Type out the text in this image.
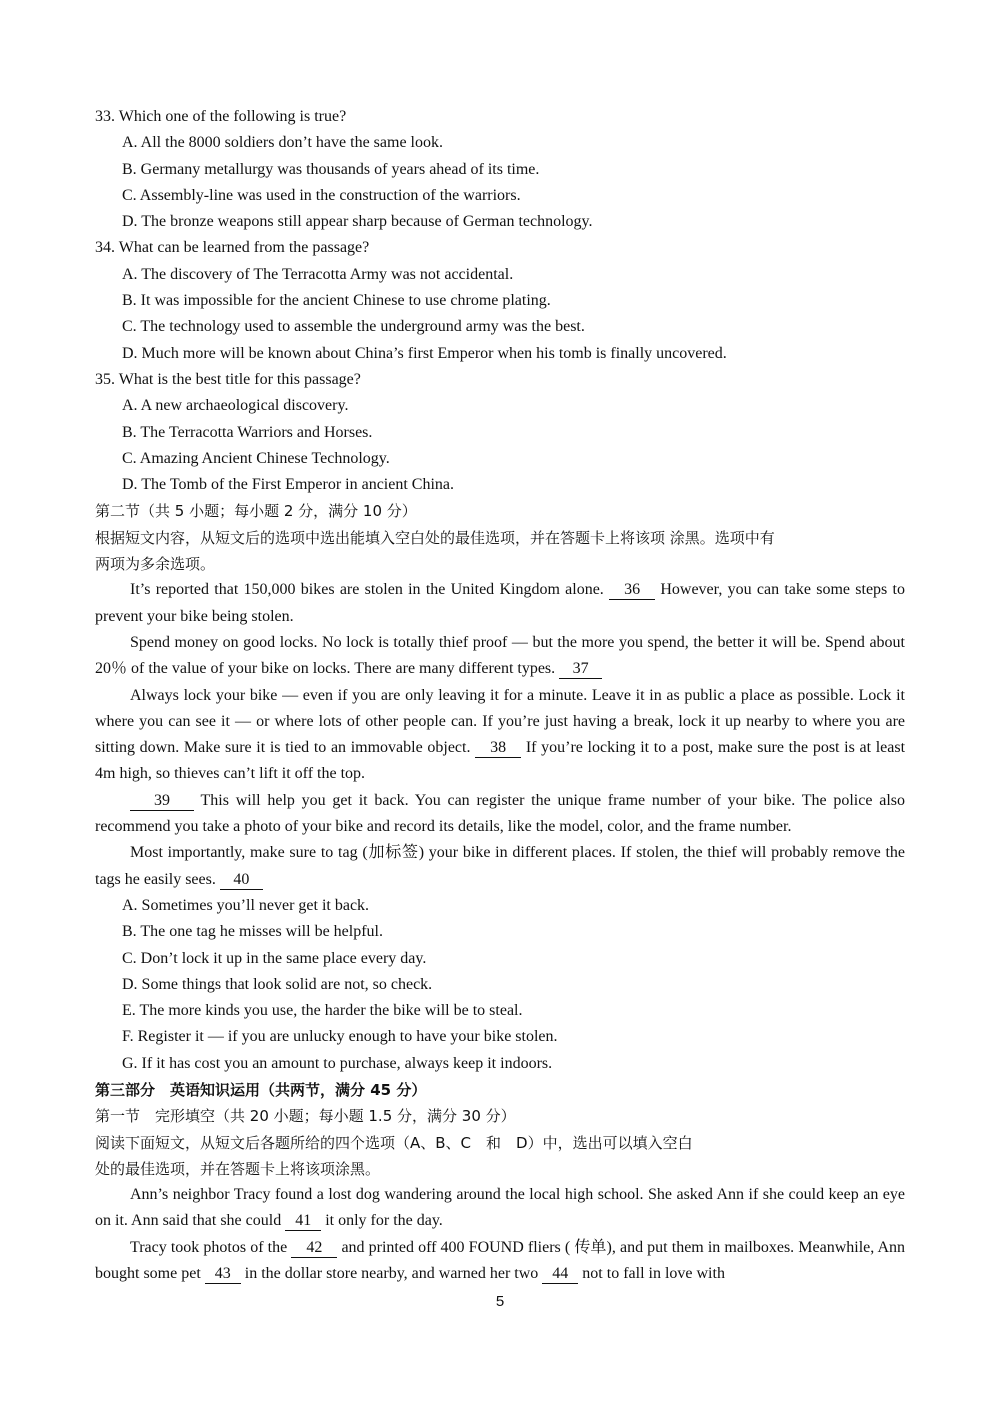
33. Which one of the following is true?
A. All the 8000 soldiers don’t have the same look.
B. Germany metallurgy was thousands of years ahead of its time.
C. Assembly-line was used in the construction of the warriors.
D. The bronze weapons still appear sharp because of German technology.
34. What can be learned from the passage?
A. The discovery of The Terracotta Army was not accidental.
B. It was impossible for the ancient Chinese to use chrome plating.
C. The technology used to assemble the underground army was the best.
D. Much more will be known about China’s first Emperor when his tomb is finally uncovered.
35. What is the best title for this passage?
A. A new archaeological discovery.
B. The Terracotta Warriors and Horses.
C. Amazing Ancient Chinese Technology.
D. The Tomb of the First Emperor in ancient China.
第二节（共 5 小题；每小题 2 分，满分 10 分）
根据短文内容，从短文后的选项中选出能填入空白处的最佳选项，并在答题卡上将该项 涂黑。选项中有
两项为多余选项。
It’s reported that 150,000 bikes are stolen in the United Kingdom alone. 36 However, you can take some steps to prevent your bike being stolen.
Spend money on good locks. No lock is totally thief proof — but the more you spend, the better it will be. Spend about 20％ of the value of your bike on locks. There are many different types. 37
Always lock your bike — even if you are only leaving it for a minute. Leave it in as public a place as possible. Lock it where you can see it — or where lots of other people can. If you’re just having a break, lock it up nearby to where you are sitting down. Make sure it is tied to an immovable object. 38 If you’re locking it to a post, make sure the post is at least 4m high, so thieves can’t lift it off the top.
39 This will help you get it back. You can register the unique frame number of your bike. The police also recommend you take a photo of your bike and record its details, like the model, color, and the frame number.
Most importantly, make sure to tag (加标签) your bike in different places. If stolen, the thief will probably remove the tags he easily sees. 40
A. Sometimes you’ll never get it back.
B. The one tag he misses will be helpful.
C. Don’t lock it up in the same place every day.
D. Some things that look solid are not, so check.
E. The more kinds you use, the harder the bike will be to steal.
F. Register it — if you are unlucky enough to have your bike stolen.
G. If it has cost you an amount to purchase, always keep it indoors.
第三部分　英语知识运用（共两节，满分 45 分）
第一节　完形填空（共 20 小题；每小题 1.5 分，满分 30 分）
阅读下面短文，从短文后各题所给的四个选项（A、B、C　和　D）中，选出可以填入空白
处的最佳选项，并在答题卡上将该项涂黑。
Ann’s neighbor Tracy found a lost dog wandering around the local high school. She asked Ann if she could keep an eye on it. Ann said that she could 41 it only for the day.
Tracy took photos of the 42 and printed off 400 FOUND fliers ( 传单), and put them in mailboxes. Meanwhile, Ann bought some pet 43 in the dollar store nearby, and warned her two 44 not to fall in love with
5
